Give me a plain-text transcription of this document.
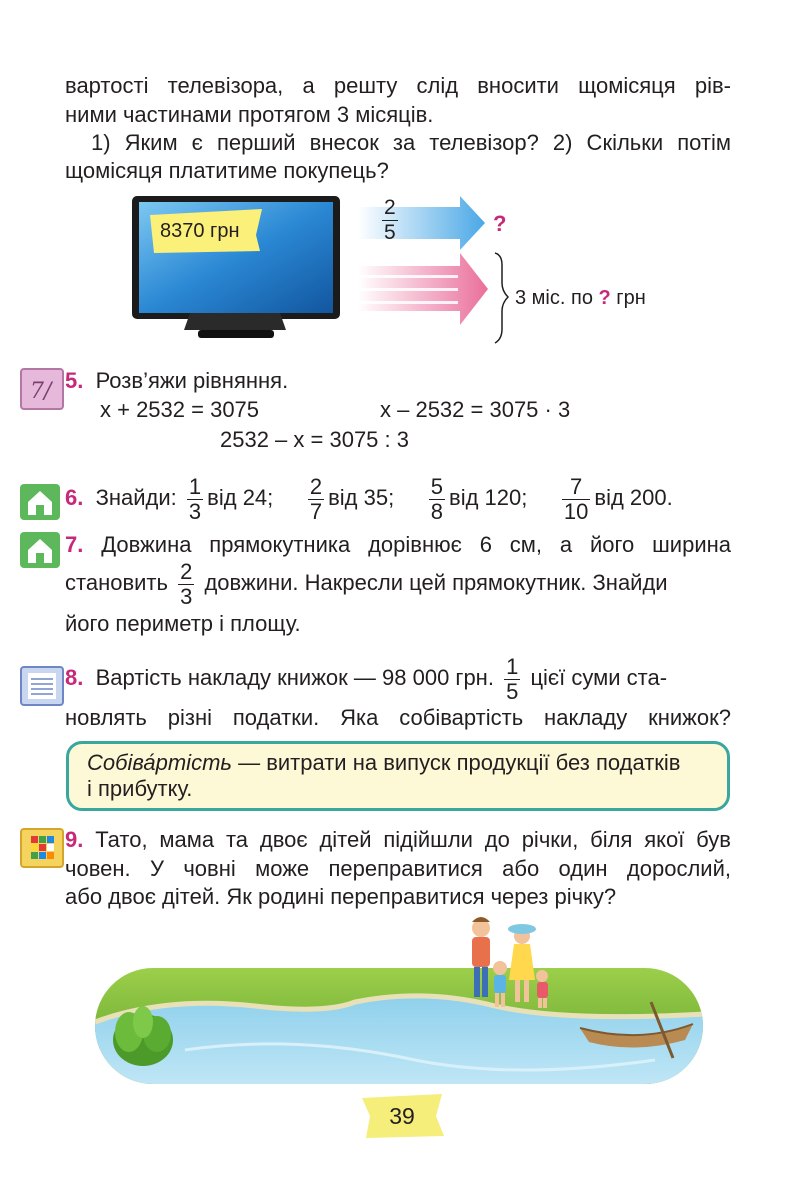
вартості телевізора, а решту слід вносити щомісяця рів-
ними частинами протягом 3 місяців.
1) Яким є перший внесок за телевізор? 2) Скільки потім
щомісяця платитиме покупець?
8370 грн	$\frac{2}{5}$	?
3 міс. по ? грн
7/ 5. Розв’яжи рівняння.
x + 2532 = 3075	x – 2532 = 3075 · 3
2532 – x = 3075 : 3
6. Знайди: $\frac{1}{3}$ від 24; $\frac{2}{7}$ від 35; $\frac{5}{8}$ від 120; $\frac{7}{10}$ від 200.
7. Довжина прямокутника дорівнює 6 см, а його ширина
становить $\frac{2}{3}$ довжини. Накресли цей прямокутник. Знайди
його периметр і площу.
8. Вартість накладу книжок — 98 000 грн. $\frac{1}{5}$ цієї суми ста-
новлять різні податки. Яка собівартість накладу книжок?
Собіва́ртість — витрати на випуск продукції без податків
і прибутку.
9. Тато, мама та двоє дітей підійшли до річки, біля якої був
човен. У човні може переправитися або один дорослий,
або двоє дітей. Як родині переправитися через річку?
39
